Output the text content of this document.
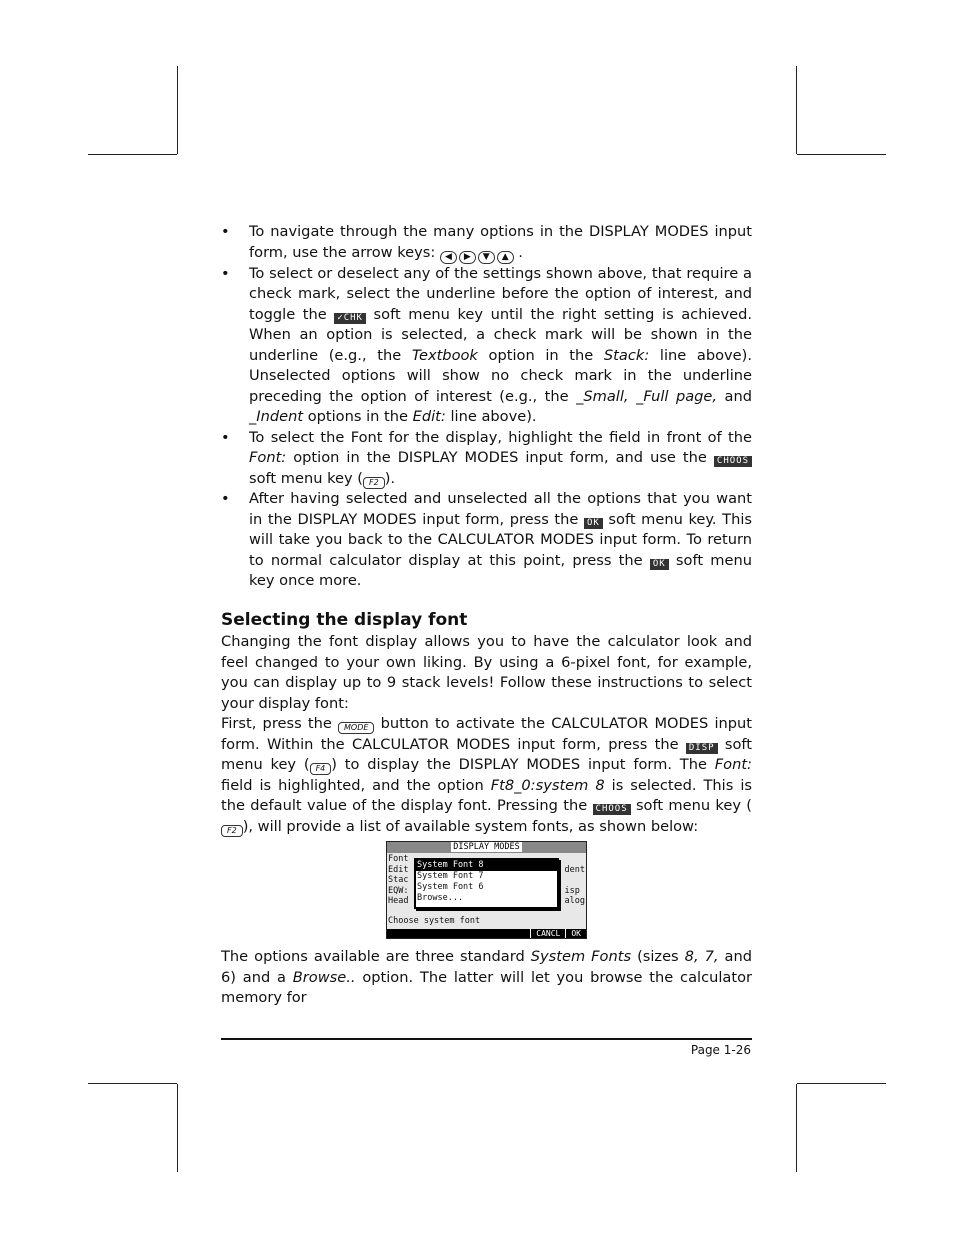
• To navigate through the many options in the DISPLAY MODES input form, use the arrow keys: ◀	▶	▼	▲ .
• To select or deselect any of the settings shown above, that require a check mark, select the underline before the option of interest, and toggle the ✓CHK soft menu key until the right setting is achieved. When an option is selected, a check mark will be shown in the underline (e.g., the Textbook option in the Stack: line above). Unselected options will show no check mark in the underline preceding the option of interest (e.g., the _Small, _Full page, and _Indent options in the Edit: line above).
• To select the Font for the display, highlight the field in front of the Font: option in the DISPLAY MODES input form, and use the CHOOS soft menu key ( F2 ).
• After having selected and unselected all the options that you want in the DISPLAY MODES input form, press the OK soft menu key. This will take you back to the CALCULATOR MODES input form. To return to normal calculator display at this point, press the OK soft menu key once more.
Selecting the display font

Changing the font display allows you to have the calculator look and feel changed to your own liking. By using a 6-pixel font, for example, you can display up to 9 stack levels! Follow these instructions to select your display font:

First, press the MODE button to activate the CALCULATOR MODES input form. Within the CALCULATOR MODES input form, press the DISP soft menu key ( F4 ) to display the DISPLAY MODES input form. The Font: field is highlighted, and the option Ft8_0:system 8 is selected. This is the default value of the display font. Pressing the CHOOS soft menu key (F2 ), will provide a list of available system fonts, as shown below:

DISPLAY MODES
Font
Edit
Stac
EQW:
Head
dent
isp
alog
System Font 8
System Font 7
System Font 6
Browse...
Choose system font
CANCL	OK

The options available are three standard System Fonts (sizes 8, 7, and 6) and a Browse.. option. The latter will let you browse the calculator memory for

Page 1-26
